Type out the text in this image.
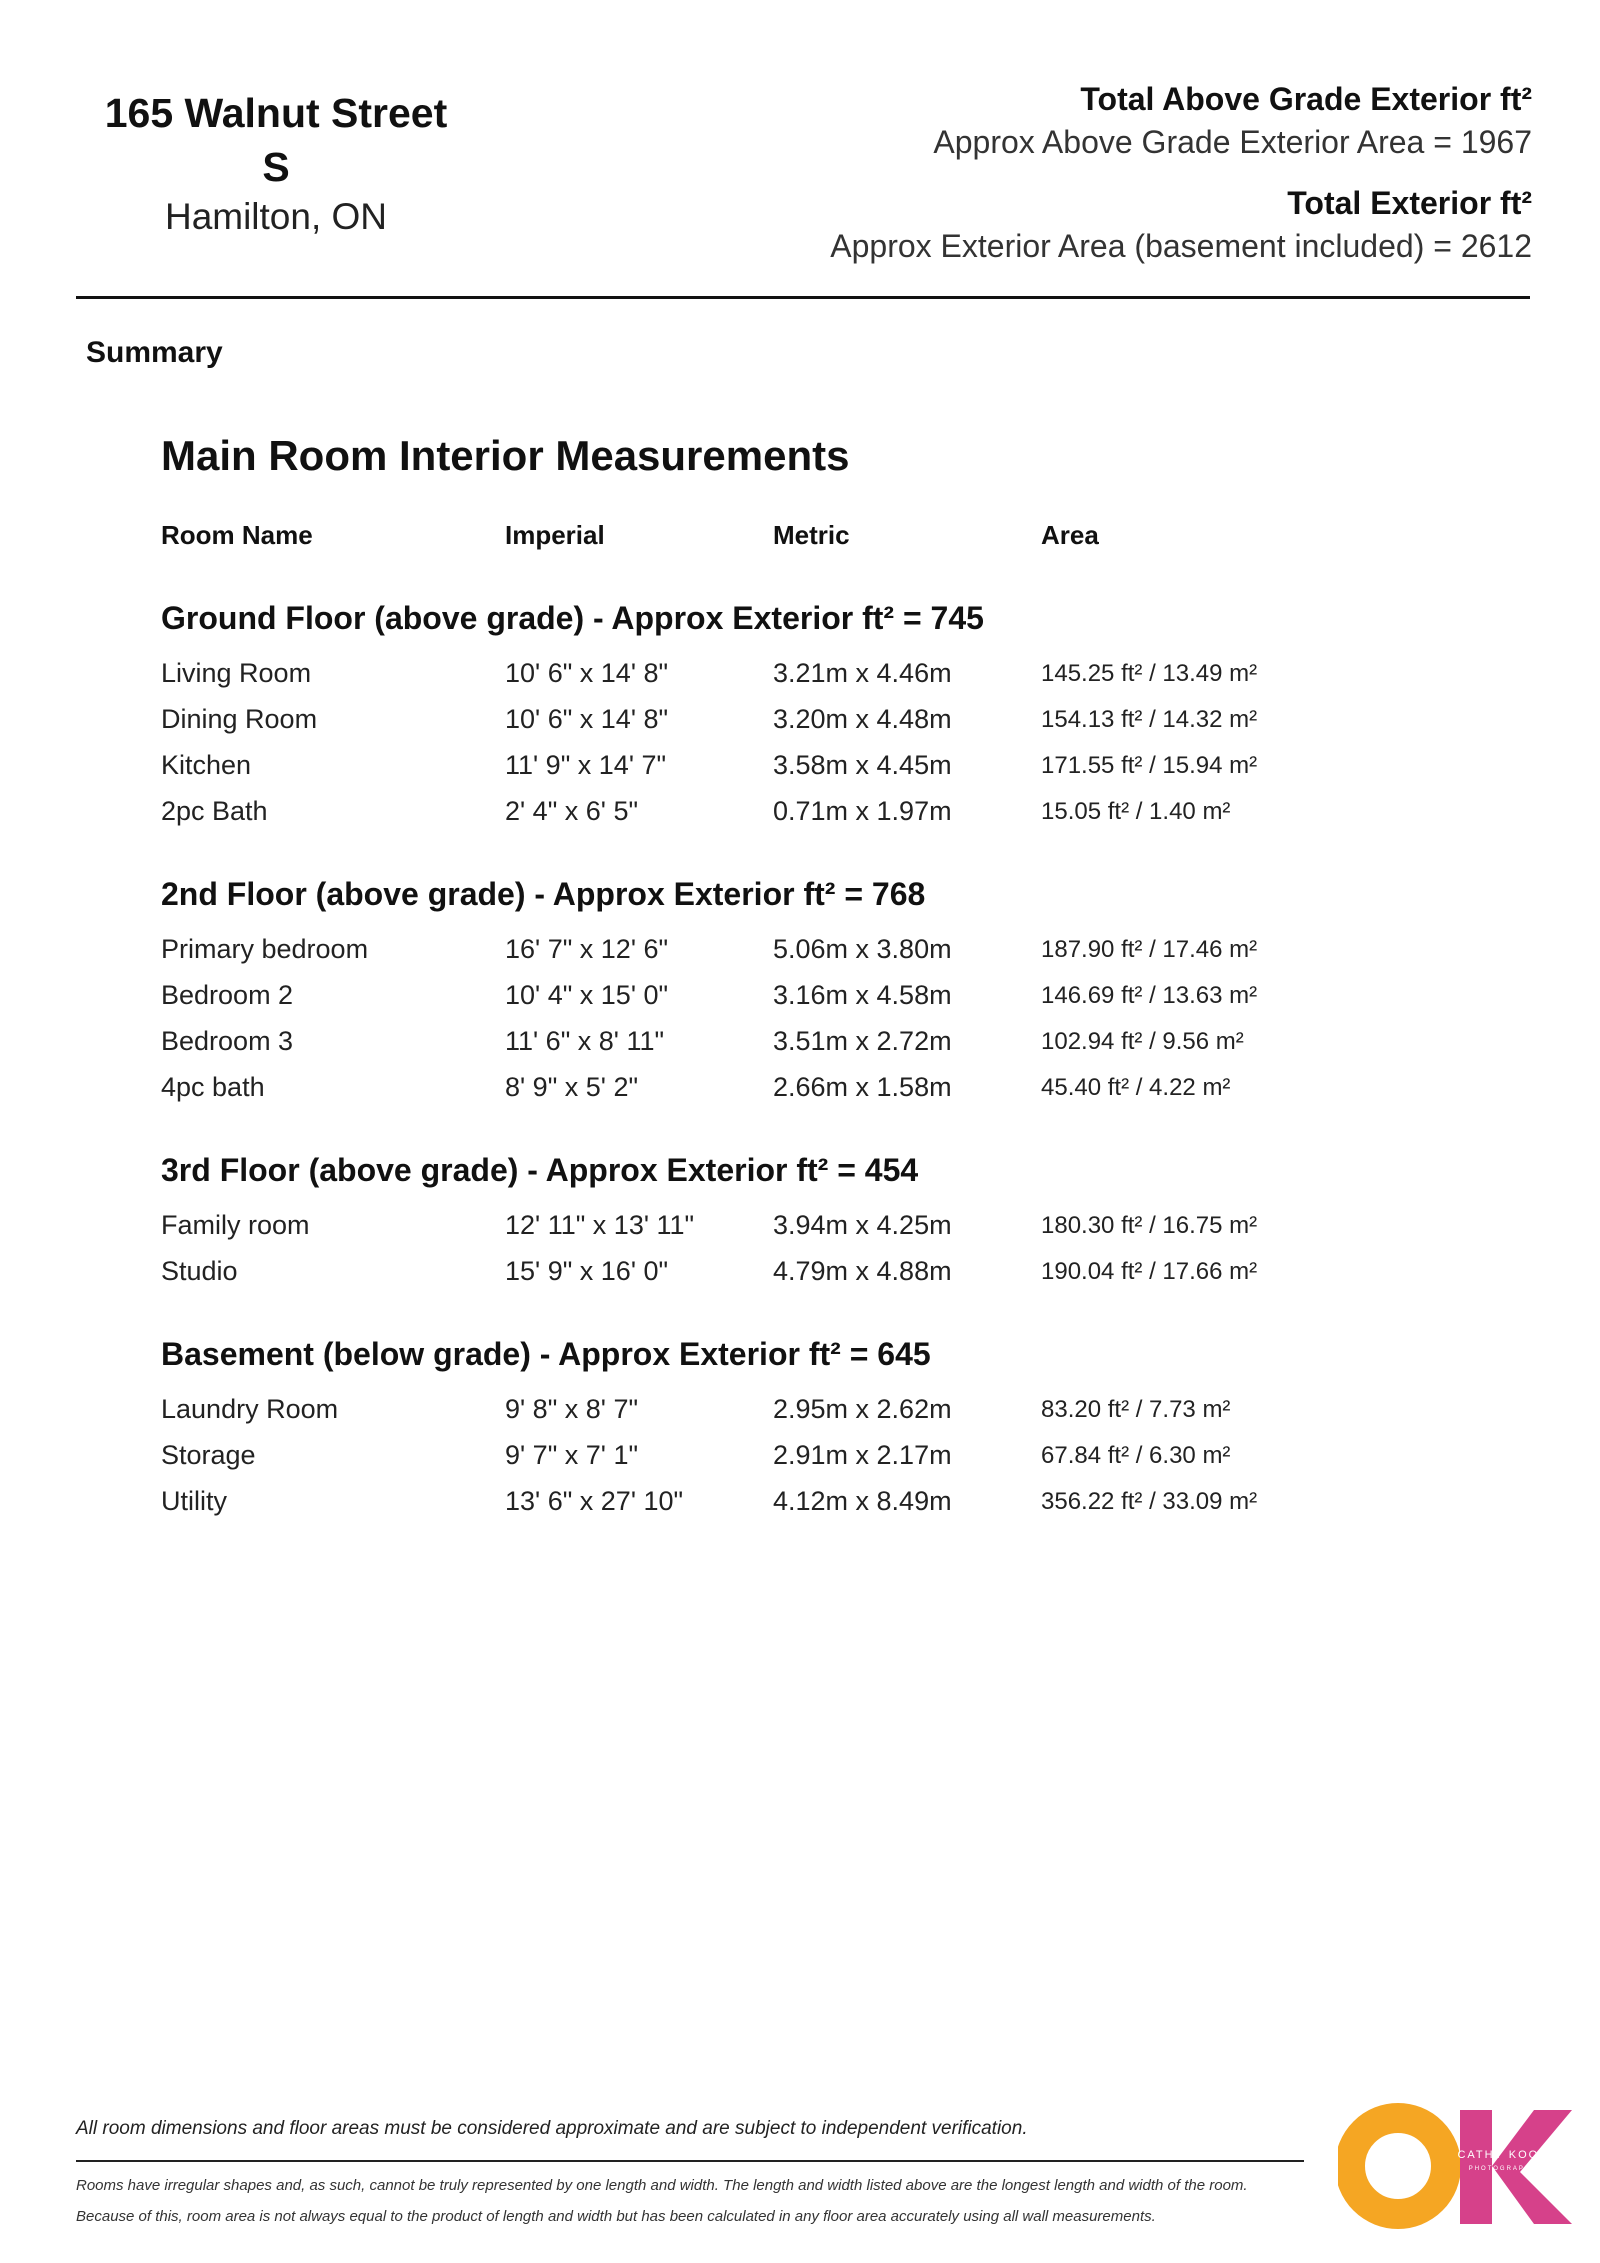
165 Walnut Street S
Hamilton, ON
Total Above Grade Exterior ft²
Approx Above Grade Exterior Area = 1967
Total Exterior ft²
Approx Exterior Area (basement included) = 2612
Summary
Main Room Interior Measurements
Room Name	Imperial	Metric	Area
Ground Floor (above grade) - Approx Exterior ft² = 745
Living Room	10' 6" x 14' 8"	3.21m x 4.46m	145.25 ft² / 13.49 m²
Dining Room	10' 6" x 14' 8"	3.20m x 4.48m	154.13 ft² / 14.32 m²
Kitchen	11' 9" x 14' 7"	3.58m x 4.45m	171.55 ft² / 15.94 m²
2pc Bath	2' 4" x 6' 5"	0.71m x 1.97m	15.05 ft² / 1.40 m²
2nd Floor (above grade) - Approx Exterior ft² = 768
Primary bedroom	16' 7" x 12' 6"	5.06m x 3.80m	187.90 ft² / 17.46 m²
Bedroom 2	10' 4" x 15' 0"	3.16m x 4.58m	146.69 ft² / 13.63 m²
Bedroom 3	11' 6" x 8' 11"	3.51m x 2.72m	102.94 ft² / 9.56 m²
4pc bath	8' 9" x 5' 2"	2.66m x 1.58m	45.40 ft² / 4.22 m²
3rd Floor (above grade) - Approx Exterior ft² = 454
Family room	12' 11" x 13' 11"	3.94m x 4.25m	180.30 ft² / 16.75 m²
Studio	15' 9" x 16' 0"	4.79m x 4.88m	190.04 ft² / 17.66 m²
Basement (below grade) - Approx Exterior ft² = 645
Laundry Room	9' 8" x 8' 7"	2.95m x 2.62m	83.20 ft² / 7.73 m²
Storage	9' 7" x 7' 1"	2.91m x 2.17m	67.84 ft² / 6.30 m²
Utility	13' 6" x 27' 10"	4.12m x 8.49m	356.22 ft² / 33.09 m²
All room dimensions and floor areas must be considered approximate and are subject to independent verification.
Rooms have irregular shapes and, as such, cannot be truly represented by one length and width. The length and width listed above are the longest length and width of the room.
Because of this, room area is not always equal to the product of length and width but has been calculated in any floor area accurately using all wall measurements.
CATHY KOOP
PHOTOGRAPHY
